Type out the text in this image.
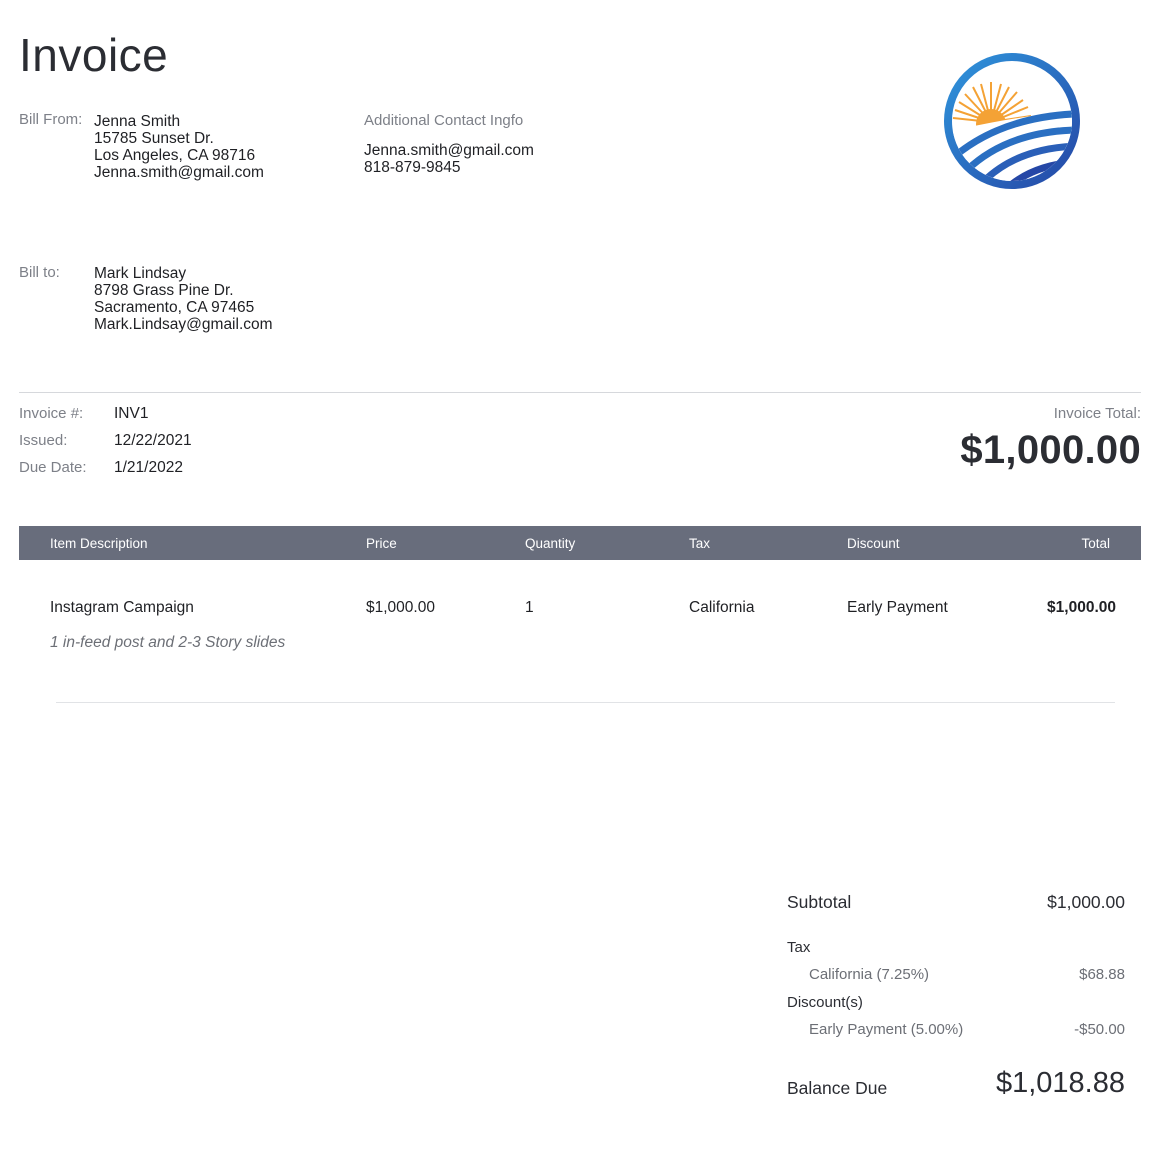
Invoice
Bill From: Jenna Smith
15785 Sunset Dr.
Los Angeles, CA 98716
Jenna.smith@gmail.com
Additional Contact Ingfo
Jenna.smith@gmail.com
818-879-9845
Bill to: Mark Lindsay
8798 Grass Pine Dr.
Sacramento, CA 97465
Mark.Lindsay@gmail.com
Invoice #: INV1
Issued:	12/22/2021
Due Date: 1/21/2022
Invoice Total:
$1,000.00
Item Description	Price	Quantity	Tax	Discount	Total
Instagram Campaign	$1,000.00	1	California	Early Payment	$1,000.00
1 in-feed post and 2-3 Story slides
Subtotal	$1,000.00
Tax
California (7.25%)	$68.88
Discount(s)
Early Payment (5.00%)	-$50.00
Balance Due	$1,018.88
